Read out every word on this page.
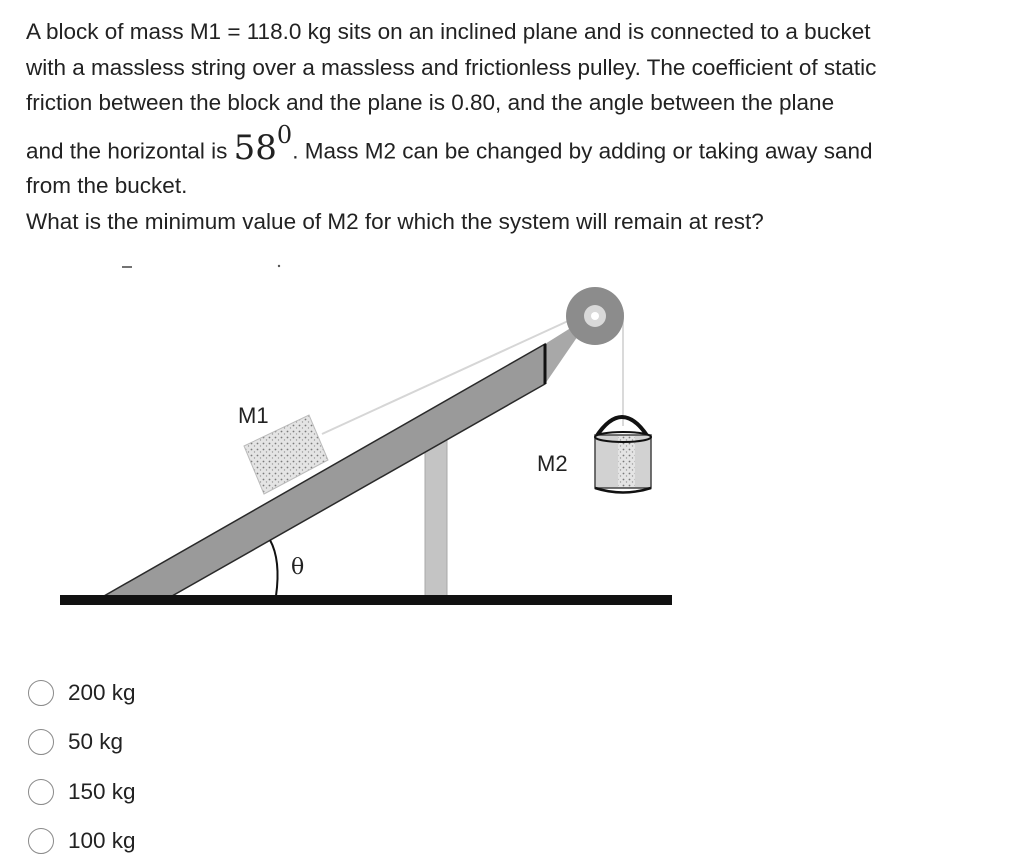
A block of mass M1 = 118.0 kg sits on an inclined plane and is connected to a bucket

with a massless string over a massless and frictionless pulley. The coefficient of static

friction between the block and the plane is 0.80, and the angle between the plane

and the horizontal is $58^0$. Mass M2 can be changed by adding or taking away sand

from the bucket.

What is the minimum value of M2 for which the system will remain at rest?

M1
M2
θ
200 kg
50 kg
150 kg
100 kg
